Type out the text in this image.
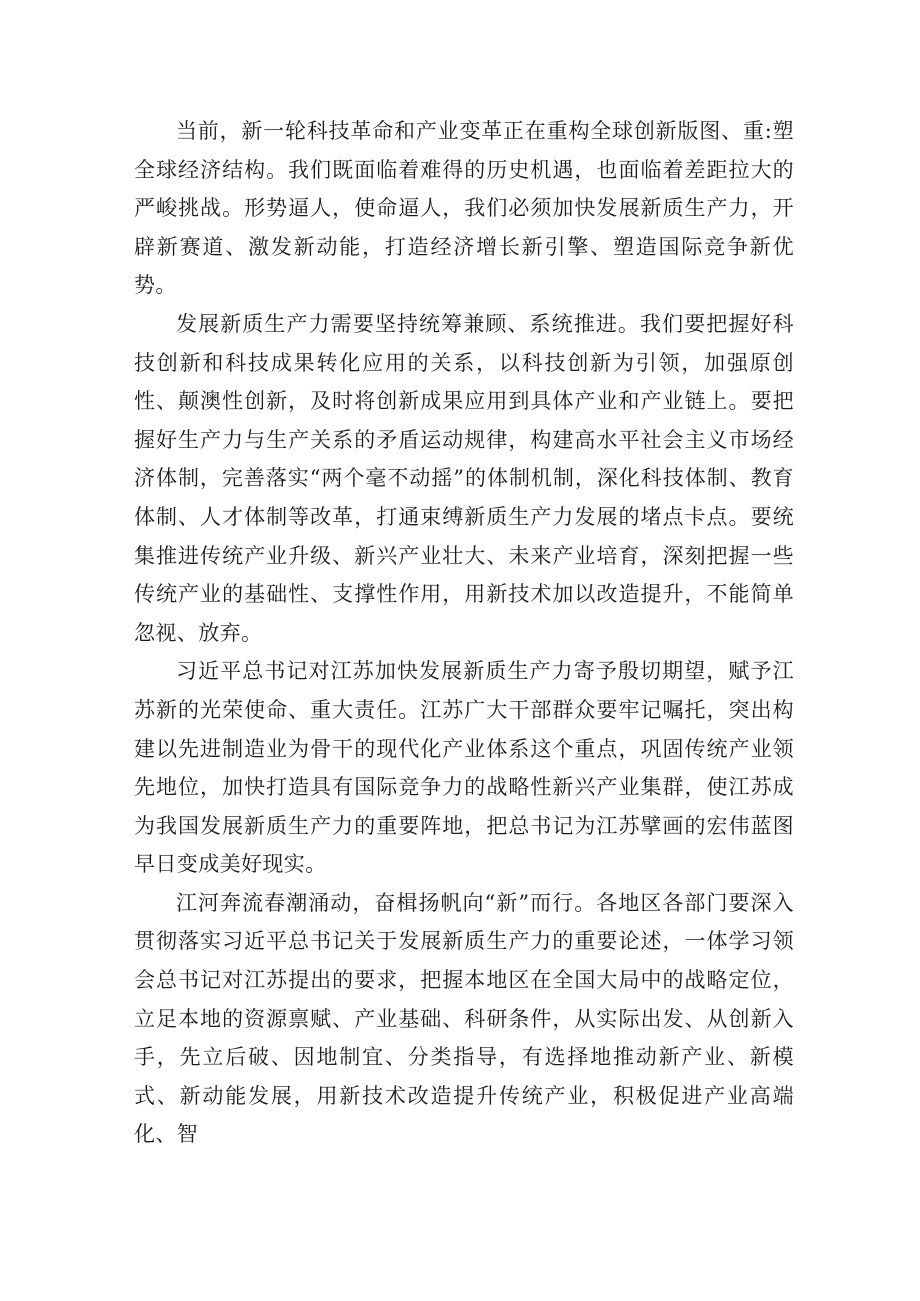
当前，新一轮科技革命和产业变革正在重构全球创新版图、重:塑全球经济结构。我们既面临着难得的历史机遇，也面临着差距拉大的严峻挑战。形势逼人，使命逼人，我们必须加快发展新质生产力，开辟新赛道、激发新动能，打造经济增长新引擎、塑造国际竞争新优势。

发展新质生产力需要坚持统筹兼顾、系统推进。我们要把握好科技创新和科技成果转化应用的关系，以科技创新为引领，加强原创性、颠澳性创新，及时将创新成果应用到具体产业和产业链上。要把握好生产力与生产关系的矛盾运动规律，构建高水平社会主义市场经济体制，完善落实“两个毫不动摇”的体制机制，深化科技体制、教育体制、人才体制等改革，打通束缚新质生产力发展的堵点卡点。要统集推进传统产业升级、新兴产业壮大、未来产业培育，深刻把握一些传统产业的基础性、支撑性作用，用新技术加以改造提升，不能简单忽视、放弃。

习近平总书记对江苏加快发展新质生产力寄予殷切期望，赋予江苏新的光荣使命、重大责任。江苏广大干部群众要牢记嘱托，突出构建以先进制造业为骨干的现代化产业体系这个重点，巩固传统产业领先地位，加快打造具有国际竞争力的战略性新兴产业集群，使江苏成为我国发展新质生产力的重要阵地，把总书记为江苏擘画的宏伟蓝图早日变成美好现实。

江河奔流春潮涌动，奋楫扬帆向“新”而行。各地区各部门要深入贯彻落实习近平总书记关于发展新质生产力的重要论述，一体学习领会总书记对江苏提出的要求，把握本地区在全国大局中的战略定位，立足本地的资源禀赋、产业基础、科研条件，从实际出发、从创新入手，先立后破、因地制宜、分类指导，有选择地推动新产业、新模式、新动能发展，用新技术改造提升传统产业，积极促进产业高端化、智
